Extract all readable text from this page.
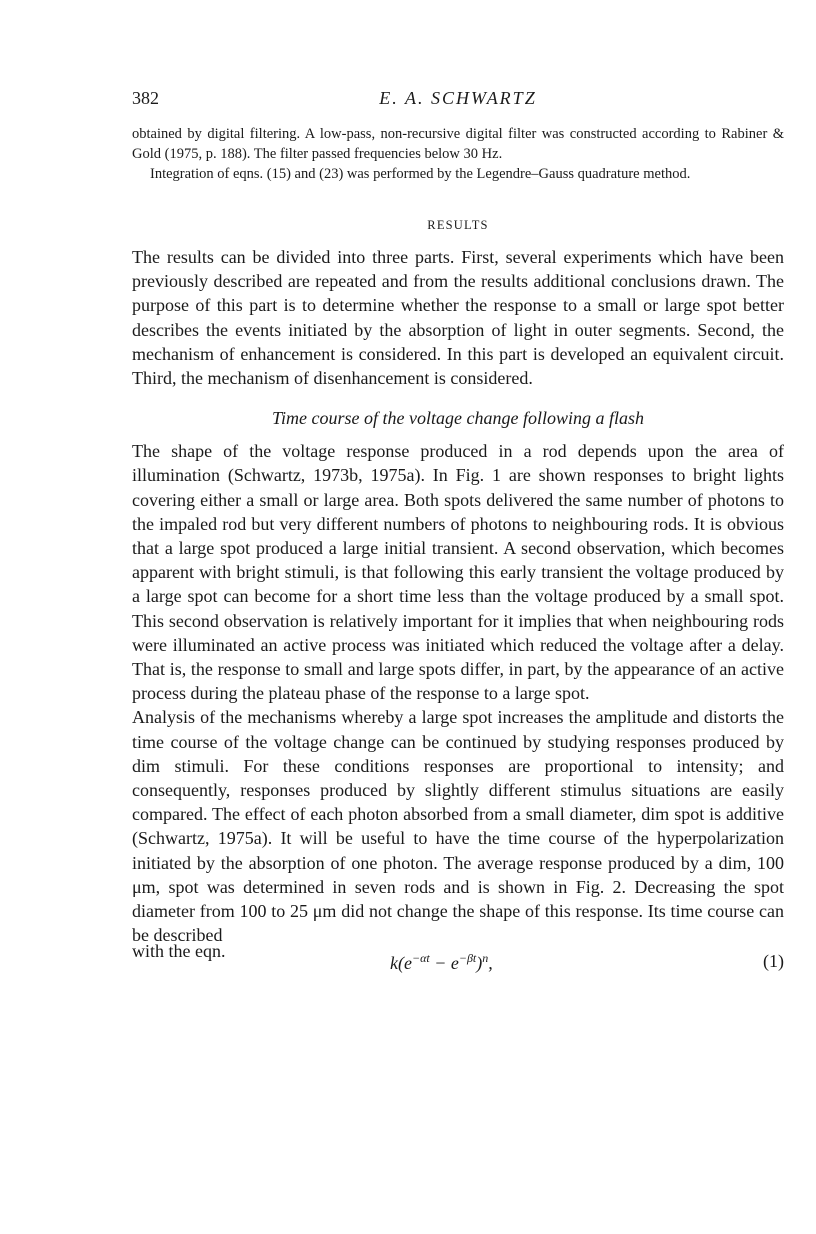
382	E. A. SCHWARTZ

obtained by digital filtering. A low-pass, non-recursive digital filter was constructed according to Rabiner & Gold (1975, p. 188). The filter passed frequencies below 30 Hz.

Integration of eqns. (15) and (23) was performed by the Legendre–Gauss quadrature method.

RESULTS

The results can be divided into three parts. First, several experiments which have been previously described are repeated and from the results additional conclusions drawn. The purpose of this part is to determine whether the response to a small or large spot better describes the events initiated by the absorption of light in outer segments. Second, the mechanism of enhancement is considered. In this part is developed an equivalent circuit. Third, the mechanism of disenhancement is considered.

Time course of the voltage change following a flash

The shape of the voltage response produced in a rod depends upon the area of illumination (Schwartz, 1973b, 1975a). In Fig. 1 are shown responses to bright lights covering either a small or large area. Both spots delivered the same number of photons to the impaled rod but very different numbers of photons to neighbouring rods. It is obvious that a large spot produced a large initial transient. A second observation, which becomes apparent with bright stimuli, is that following this early transient the voltage produced by a large spot can become for a short time less than the voltage produced by a small spot. This second observation is relatively important for it implies that when neighbouring rods were illuminated an active process was initiated which reduced the voltage after a delay. That is, the response to small and large spots differ, in part, by the appearance of an active process during the plateau phase of the response to a large spot.

Analysis of the mechanisms whereby a large spot increases the amplitude and distorts the time course of the voltage change can be continued by studying responses produced by dim stimuli. For these conditions responses are proportional to intensity; and consequently, responses produced by slightly different stimulus situations are easily compared. The effect of each photon absorbed from a small diameter, dim spot is additive (Schwartz, 1975a). It will be useful to have the time course of the hyperpolarization initiated by the absorption of one photon. The average response produced by a dim, 100 μm, spot was determined in seven rods and is shown in Fig. 2. Decreasing the spot diameter from 100 to 25 μm did not change the shape of this response. Its time course can be described

with the eqn.
$k(e^{-\alpha t} - e^{-\beta t})^n$,	(1)
